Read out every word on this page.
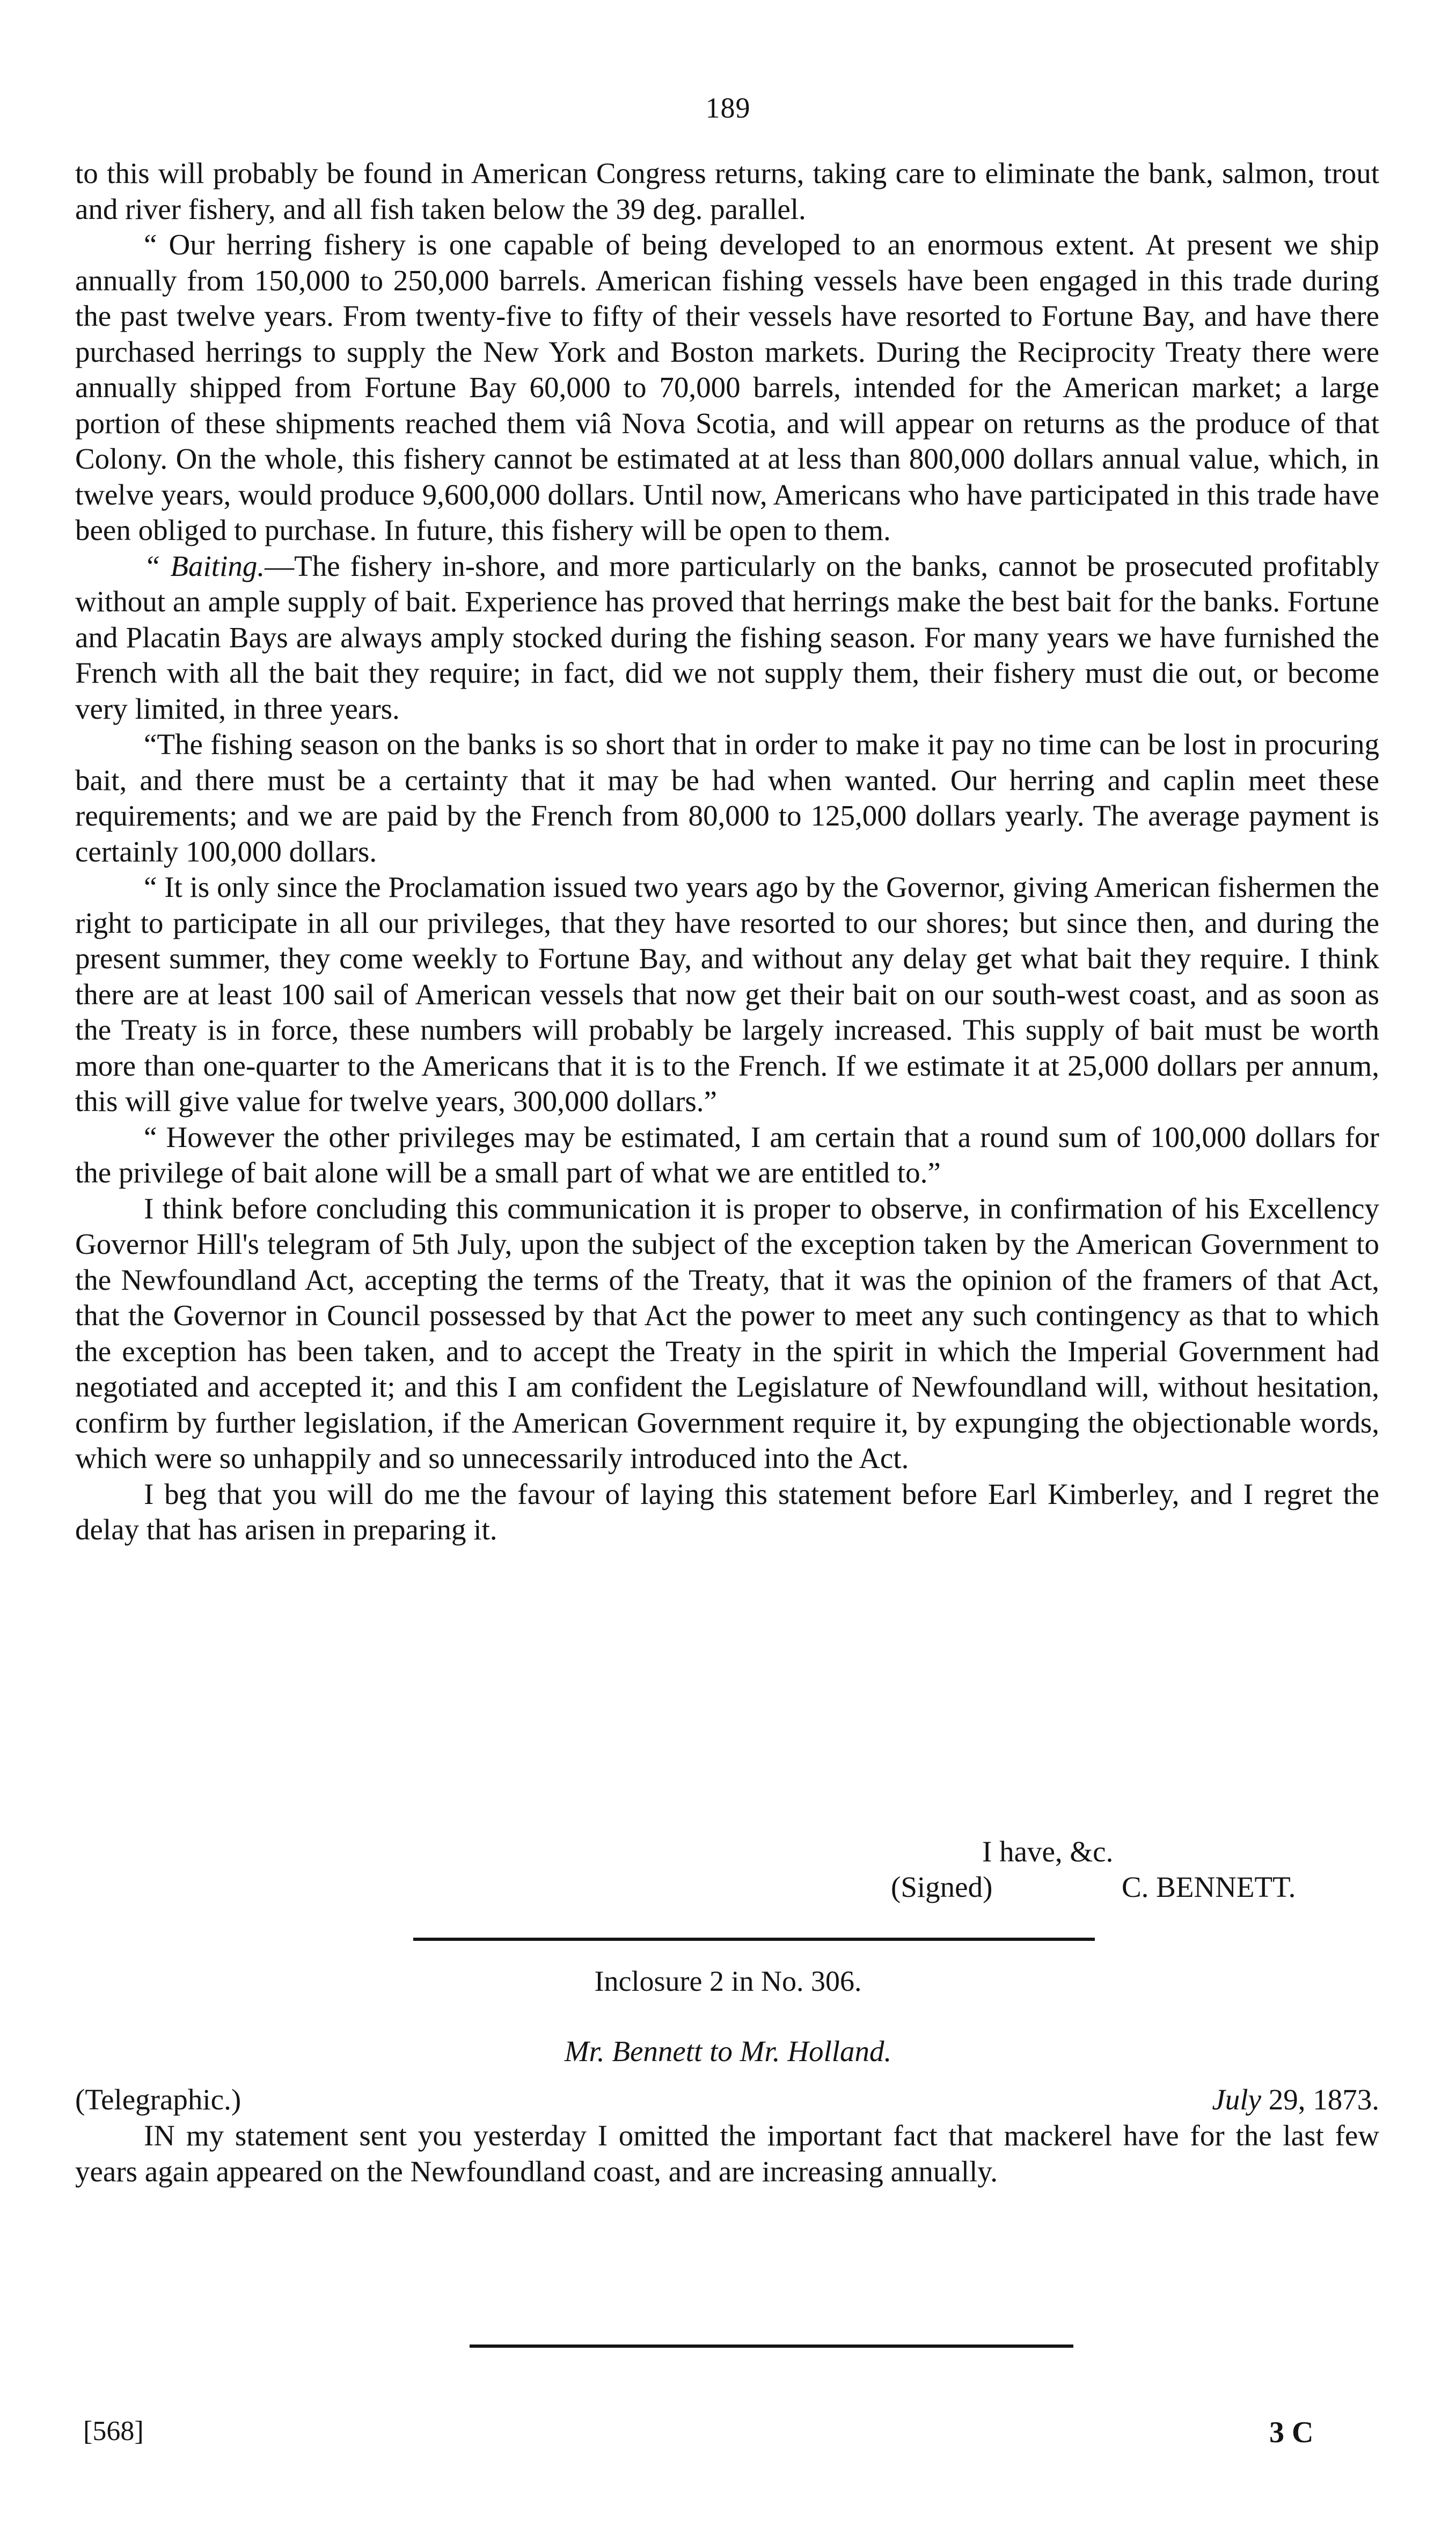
189

to this will probably be found in American Congress returns, taking care to eliminate the bank, salmon, trout and river fishery, and all fish taken below the 39 deg. parallel.

“ Our herring fishery is one capable of being developed to an enormous extent. At present we ship annually from 150,000 to 250,000 barrels. American fishing vessels have been engaged in this trade during the past twelve years. From twenty-five to fifty of their vessels have resorted to Fortune Bay, and have there purchased herrings to supply the New York and Boston markets. During the Reciprocity Treaty there were annually shipped from Fortune Bay 60,000 to 70,000 barrels, intended for the American market; a large portion of these shipments reached them viâ Nova Scotia, and will appear on returns as the produce of that Colony. On the whole, this fishery cannot be estimated at at less than 800,000 dollars annual value, which, in twelve years, would produce 9,600,000 dollars. Until now, Americans who have participated in this trade have been obliged to purchase. In future, this fishery will be open to them.

“ Baiting.—The fishery in-shore, and more particularly on the banks, cannot be prosecuted profitably without an ample supply of bait. Experience has proved that herrings make the best bait for the banks. Fortune and Placatin Bays are always amply stocked during the fishing season. For many years we have furnished the French with all the bait they require; in fact, did we not supply them, their fishery must die out, or become very limited, in three years.

“The fishing season on the banks is so short that in order to make it pay no time can be lost in procuring bait, and there must be a certainty that it may be had when wanted. Our herring and caplin meet these requirements; and we are paid by the French from 80,000 to 125,000 dollars yearly. The average payment is certainly 100,000 dollars.

“ It is only since the Proclamation issued two years ago by the Governor, giving American fishermen the right to participate in all our privileges, that they have resorted to our shores; but since then, and during the present summer, they come weekly to Fortune Bay, and without any delay get what bait they require. I think there are at least 100 sail of American vessels that now get their bait on our south-west coast, and as soon as the Treaty is in force, these numbers will probably be largely increased. This supply of bait must be worth more than one-quarter to the Americans that it is to the French. If we estimate it at 25,000 dollars per annum, this will give value for twelve years, 300,000 dollars.”

“ However the other privileges may be estimated, I am certain that a round sum of 100,000 dollars for the privilege of bait alone will be a small part of what we are entitled to.”

I think before concluding this communication it is proper to observe, in confirmation of his Excellency Governor Hill's telegram of 5th July, upon the subject of the exception taken by the American Government to the Newfoundland Act, accepting the terms of the Treaty, that it was the opinion of the framers of that Act, that the Governor in Council possessed by that Act the power to meet any such contingency as that to which the exception has been taken, and to accept the Treaty in the spirit in which the Imperial Government had negotiated and accepted it; and this I am confident the Legislature of Newfoundland will, without hesitation, confirm by further legislation, if the American Government require it, by expunging the objectionable words, which were so unhappily and so unnecessarily introduced into the Act.

I beg that you will do me the favour of laying this statement before Earl Kimberley, and I regret the delay that has arisen in preparing it.

I have, &c.
(Signed)	C. BENNETT.
Inclosure 2 in No. 306.
Mr. Bennett to Mr. Holland.
(Telegraphic.)	July 29, 1873.

IN my statement sent you yesterday I omitted the important fact that mackerel have for the last few years again appeared on the Newfoundland coast, and are increasing annually.

[568]	3 C
